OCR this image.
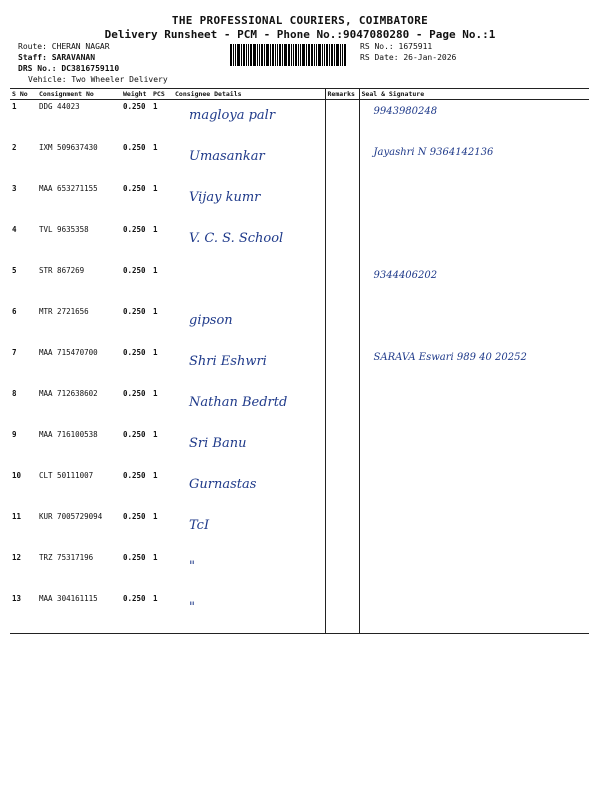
THE PROFESSIONAL COURIERS, COIMBATORE
Delivery Runsheet - PCM - Phone No.:9047080280 - Page No.:1
Route: CHERAN NAGAR
Staff: SARAVANAN
DRS No.: DC3816759110
Vehicle: Two Wheeler Delivery
RS No.: 1675911
RS Date: 26-Jan-2026
S No	Consignment No	Weight	PCS	Consignee Details	Remarks	Seal & Signature
1	DDG 44023	0.250	1	magloya palr		9943980248

2	IXM 509637430	0.250	1	Umasankar		Jayashri N 9364142136

3	MAA 653271155	0.250	1	Vijay kumr		

4	TVL 9635358	0.250	1	V. C. S. School		

5	STR 867269	0.250	1			9344406202

6	MTR 2721656	0.250	1	gipson		

7	MAA 715470700	0.250	1	Shri Eshwri		SARAVA Eswari 989 40 20252

8	MAA 712638602	0.250	1	Nathan Bedrtd		

9	MAA 716100538	0.250	1	Sri Banu		

10	CLT 50111007	0.250	1	Gurnastas		

11	KUR 7005729094	0.250	1	TcI		

12	TRZ 75317196	0.250	1	"		

13	MAA 304161115	0.250	1	"		
